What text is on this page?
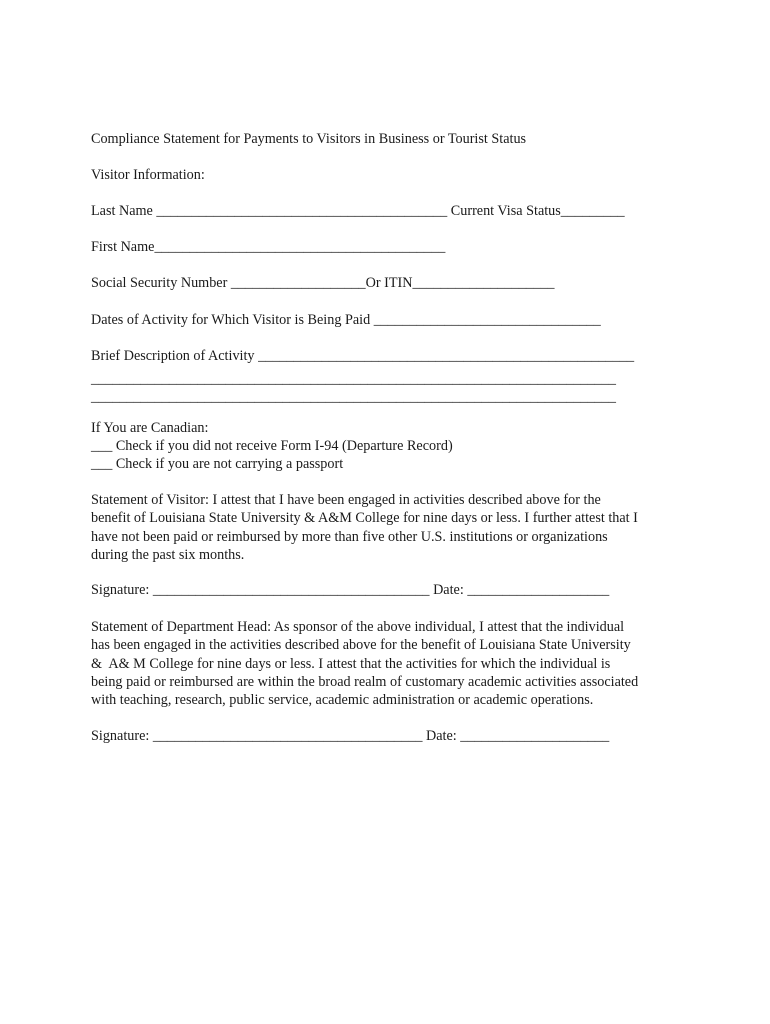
Compliance Statement for Payments to Visitors in Business or Tourist Status

Visitor Information:

Last Name _________________________________________ Current Visa Status_________

First Name_________________________________________

Social Security Number ___________________Or ITIN____________________

Dates of Activity for Which Visitor is Being Paid ________________________________

Brief Description of Activity _____________________________________________________

__________________________________________________________________________

__________________________________________________________________________

If You are Canadian:

___ Check if you did not receive Form I-94 (Departure Record)

___ Check if you are not carrying a passport

Statement of Visitor: I attest that I have been engaged in activities described above for the
benefit of Louisiana State University & A&M College for nine days or less. I further attest that I
have not been paid or reimbursed by more than five other U.S. institutions or organizations
during the past six months.

Signature: _______________________________________ Date: ____________________

Statement of Department Head: As sponsor of the above individual, I attest that the individual
has been engaged in the activities described above for the benefit of Louisiana State University
&  A& M College for nine days or less. I attest that the activities for which the individual is
being paid or reimbursed are within the broad realm of customary academic activities associated
with teaching, research, public service, academic administration or academic operations.

Signature: ______________________________________ Date: _____________________
